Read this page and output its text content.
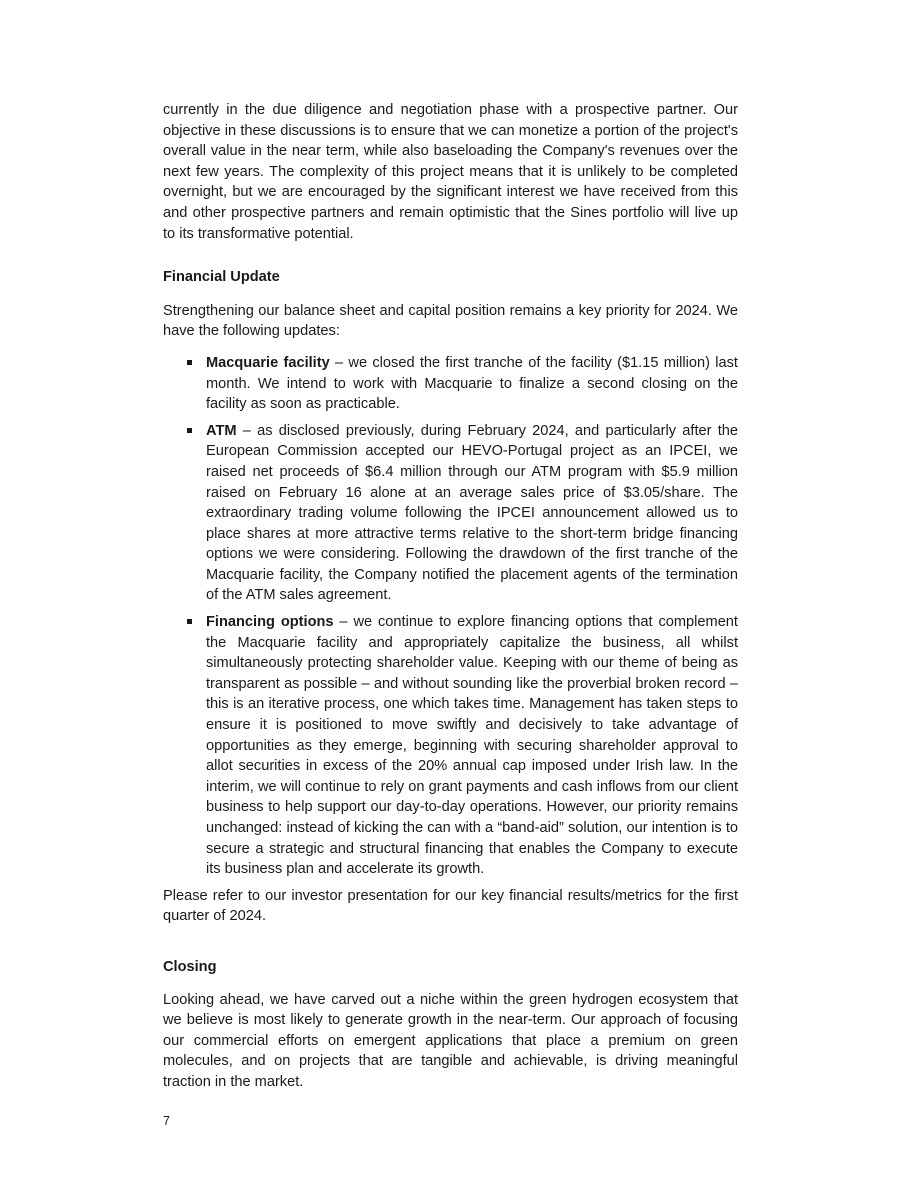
currently in the due diligence and negotiation phase with a prospective partner. Our objective in these discussions is to ensure that we can monetize a portion of the project's overall value in the near term, while also baseloading the Company's revenues over the next few years. The complexity of this project means that it is unlikely to be completed overnight, but we are encouraged by the significant interest we have received from this and other prospective partners and remain optimistic that the Sines portfolio will live up to its transformative potential.

Financial Update

Strengthening our balance sheet and capital position remains a key priority for 2024. We have the following updates:

Macquarie facility – we closed the first tranche of the facility ($1.15 million) last month. We intend to work with Macquarie to finalize a second closing on the facility as soon as practicable.
ATM – as disclosed previously, during February 2024, and particularly after the European Commission accepted our HEVO-Portugal project as an IPCEI, we raised net proceeds of $6.4 million through our ATM program with $5.9 million raised on February 16 alone at an average sales price of $3.05/share. The extraordinary trading volume following the IPCEI announcement allowed us to place shares at more attractive terms relative to the short-term bridge financing options we were considering. Following the drawdown of the first tranche of the Macquarie facility, the Company notified the placement agents of the termination of the ATM sales agreement.
Financing options – we continue to explore financing options that complement the Macquarie facility and appropriately capitalize the business, all whilst simultaneously protecting shareholder value. Keeping with our theme of being as transparent as possible – and without sounding like the proverbial broken record – this is an iterative process, one which takes time. Management has taken steps to ensure it is positioned to move swiftly and decisively to take advantage of opportunities as they emerge, beginning with securing shareholder approval to allot securities in excess of the 20% annual cap imposed under Irish law. In the interim, we will continue to rely on grant payments and cash inflows from our client business to help support our day-to-day operations. However, our priority remains unchanged: instead of kicking the can with a “band-aid” solution, our intention is to secure a strategic and structural financing that enables the Company to execute its business plan and accelerate its growth.

Please refer to our investor presentation for our key financial results/metrics for the first quarter of 2024.

Closing

Looking ahead, we have carved out a niche within the green hydrogen ecosystem that we believe is most likely to generate growth in the near-term. Our approach of focusing our commercial efforts on emergent applications that place a premium on green molecules, and on projects that are tangible and achievable, is driving meaningful traction in the market.

7
